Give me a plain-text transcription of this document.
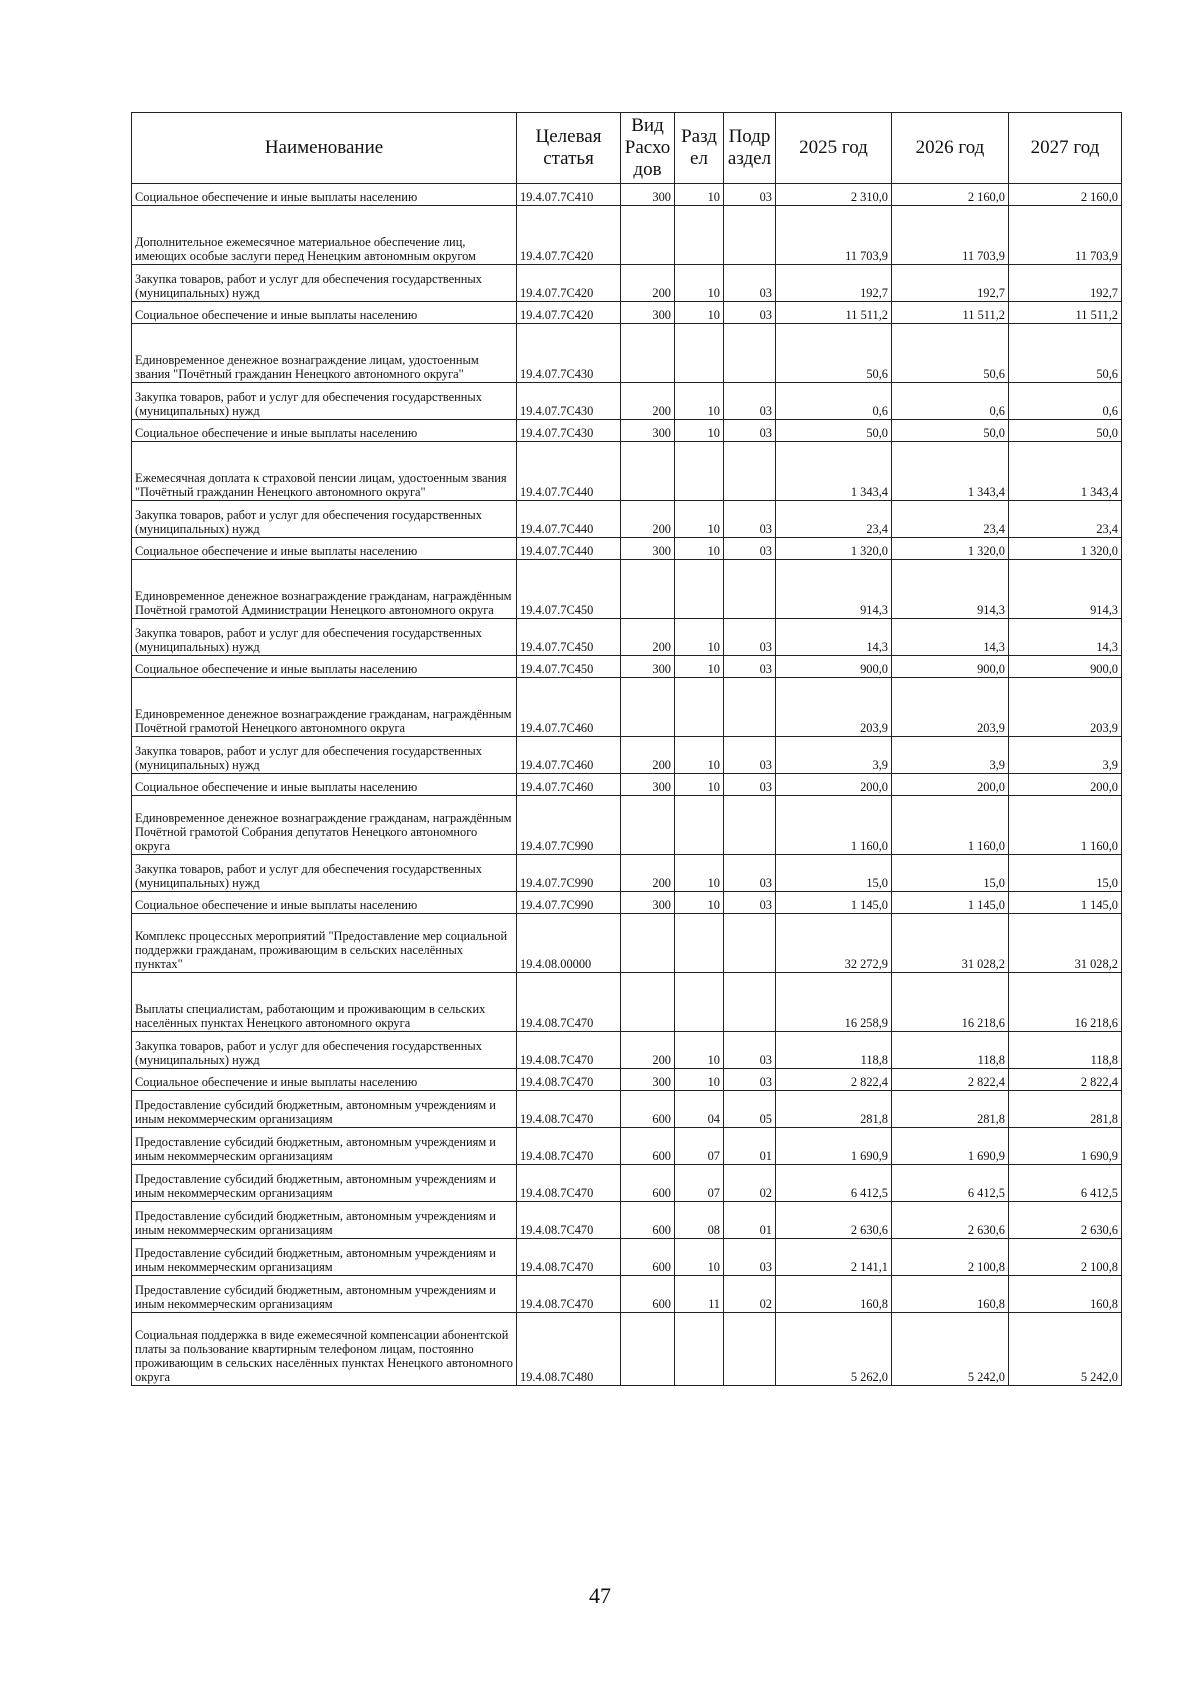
Наименование	Целевая статья	Вид Расхо дов	Разд ел	Подр аздел	2025 год	2026 год	2027 год
Социальное обеспечение и иные выплаты населению	19.4.07.7С410	300	10	03	2 310,0	2 160,0	2 160,0
Дополнительное ежемесячное материальное обеспечение лиц, имеющих особые заслуги перед Ненецким автономным округом	19.4.07.7С420				11 703,9	11 703,9	11 703,9
Закупка товаров, работ и услуг для обеспечения государственных (муниципальных) нужд	19.4.07.7С420	200	10	03	192,7	192,7	192,7
Социальное обеспечение и иные выплаты населению	19.4.07.7С420	300	10	03	11 511,2	11 511,2	11 511,2
Единовременное денежное вознаграждение лицам, удостоенным звания "Почётный гражданин Ненецкого автономного округа"	19.4.07.7С430				50,6	50,6	50,6
Закупка товаров, работ и услуг для обеспечения государственных (муниципальных) нужд	19.4.07.7С430	200	10	03	0,6	0,6	0,6
Социальное обеспечение и иные выплаты населению	19.4.07.7С430	300	10	03	50,0	50,0	50,0
Ежемесячная доплата к страховой пенсии лицам, удостоенным звания "Почётный гражданин Ненецкого автономного округа"	19.4.07.7С440				1 343,4	1 343,4	1 343,4
Закупка товаров, работ и услуг для обеспечения государственных (муниципальных) нужд	19.4.07.7С440	200	10	03	23,4	23,4	23,4
Социальное обеспечение и иные выплаты населению	19.4.07.7С440	300	10	03	1 320,0	1 320,0	1 320,0
Единовременное денежное вознаграждение гражданам, награждённым Почётной грамотой Администрации Ненецкого автономного округа	19.4.07.7С450				914,3	914,3	914,3
Закупка товаров, работ и услуг для обеспечения государственных (муниципальных) нужд	19.4.07.7С450	200	10	03	14,3	14,3	14,3
Социальное обеспечение и иные выплаты населению	19.4.07.7С450	300	10	03	900,0	900,0	900,0
Единовременное денежное вознаграждение гражданам, награждённым Почётной грамотой Ненецкого автономного округа	19.4.07.7С460				203,9	203,9	203,9
Закупка товаров, работ и услуг для обеспечения государственных (муниципальных) нужд	19.4.07.7С460	200	10	03	3,9	3,9	3,9
Социальное обеспечение и иные выплаты населению	19.4.07.7С460	300	10	03	200,0	200,0	200,0
Единовременное денежное вознаграждение гражданам, награждённым Почётной грамотой Собрания депутатов Ненецкого автономного округа	19.4.07.7С990				1 160,0	1 160,0	1 160,0
Закупка товаров, работ и услуг для обеспечения государственных (муниципальных) нужд	19.4.07.7С990	200	10	03	15,0	15,0	15,0
Социальное обеспечение и иные выплаты населению	19.4.07.7С990	300	10	03	1 145,0	1 145,0	1 145,0
Комплекс процессных мероприятий "Предоставление мер социальной поддержки гражданам, проживающим в сельских населённых пунктах"	19.4.08.00000				32 272,9	31 028,2	31 028,2
Выплаты специалистам, работающим и проживающим в сельских населённых пунктах Ненецкого автономного округа	19.4.08.7С470				16 258,9	16 218,6	16 218,6
Закупка товаров, работ и услуг для обеспечения государственных (муниципальных) нужд	19.4.08.7С470	200	10	03	118,8	118,8	118,8
Социальное обеспечение и иные выплаты населению	19.4.08.7С470	300	10	03	2 822,4	2 822,4	2 822,4
Предоставление субсидий бюджетным, автономным учреждениям и иным некоммерческим организациям	19.4.08.7С470	600	04	05	281,8	281,8	281,8
Предоставление субсидий бюджетным, автономным учреждениям и иным некоммерческим организациям	19.4.08.7С470	600	07	01	1 690,9	1 690,9	1 690,9
Предоставление субсидий бюджетным, автономным учреждениям и иным некоммерческим организациям	19.4.08.7С470	600	07	02	6 412,5	6 412,5	6 412,5
Предоставление субсидий бюджетным, автономным учреждениям и иным некоммерческим организациям	19.4.08.7С470	600	08	01	2 630,6	2 630,6	2 630,6
Предоставление субсидий бюджетным, автономным учреждениям и иным некоммерческим организациям	19.4.08.7С470	600	10	03	2 141,1	2 100,8	2 100,8
Предоставление субсидий бюджетным, автономным учреждениям и иным некоммерческим организациям	19.4.08.7С470	600	11	02	160,8	160,8	160,8
Социальная поддержка в виде ежемесячной компенсации абонентской платы за пользование квартирным телефоном лицам, постоянно проживающим в сельских населённых пунктах Ненецкого автономного округа	19.4.08.7С480				5 262,0	5 242,0	5 242,0
47
